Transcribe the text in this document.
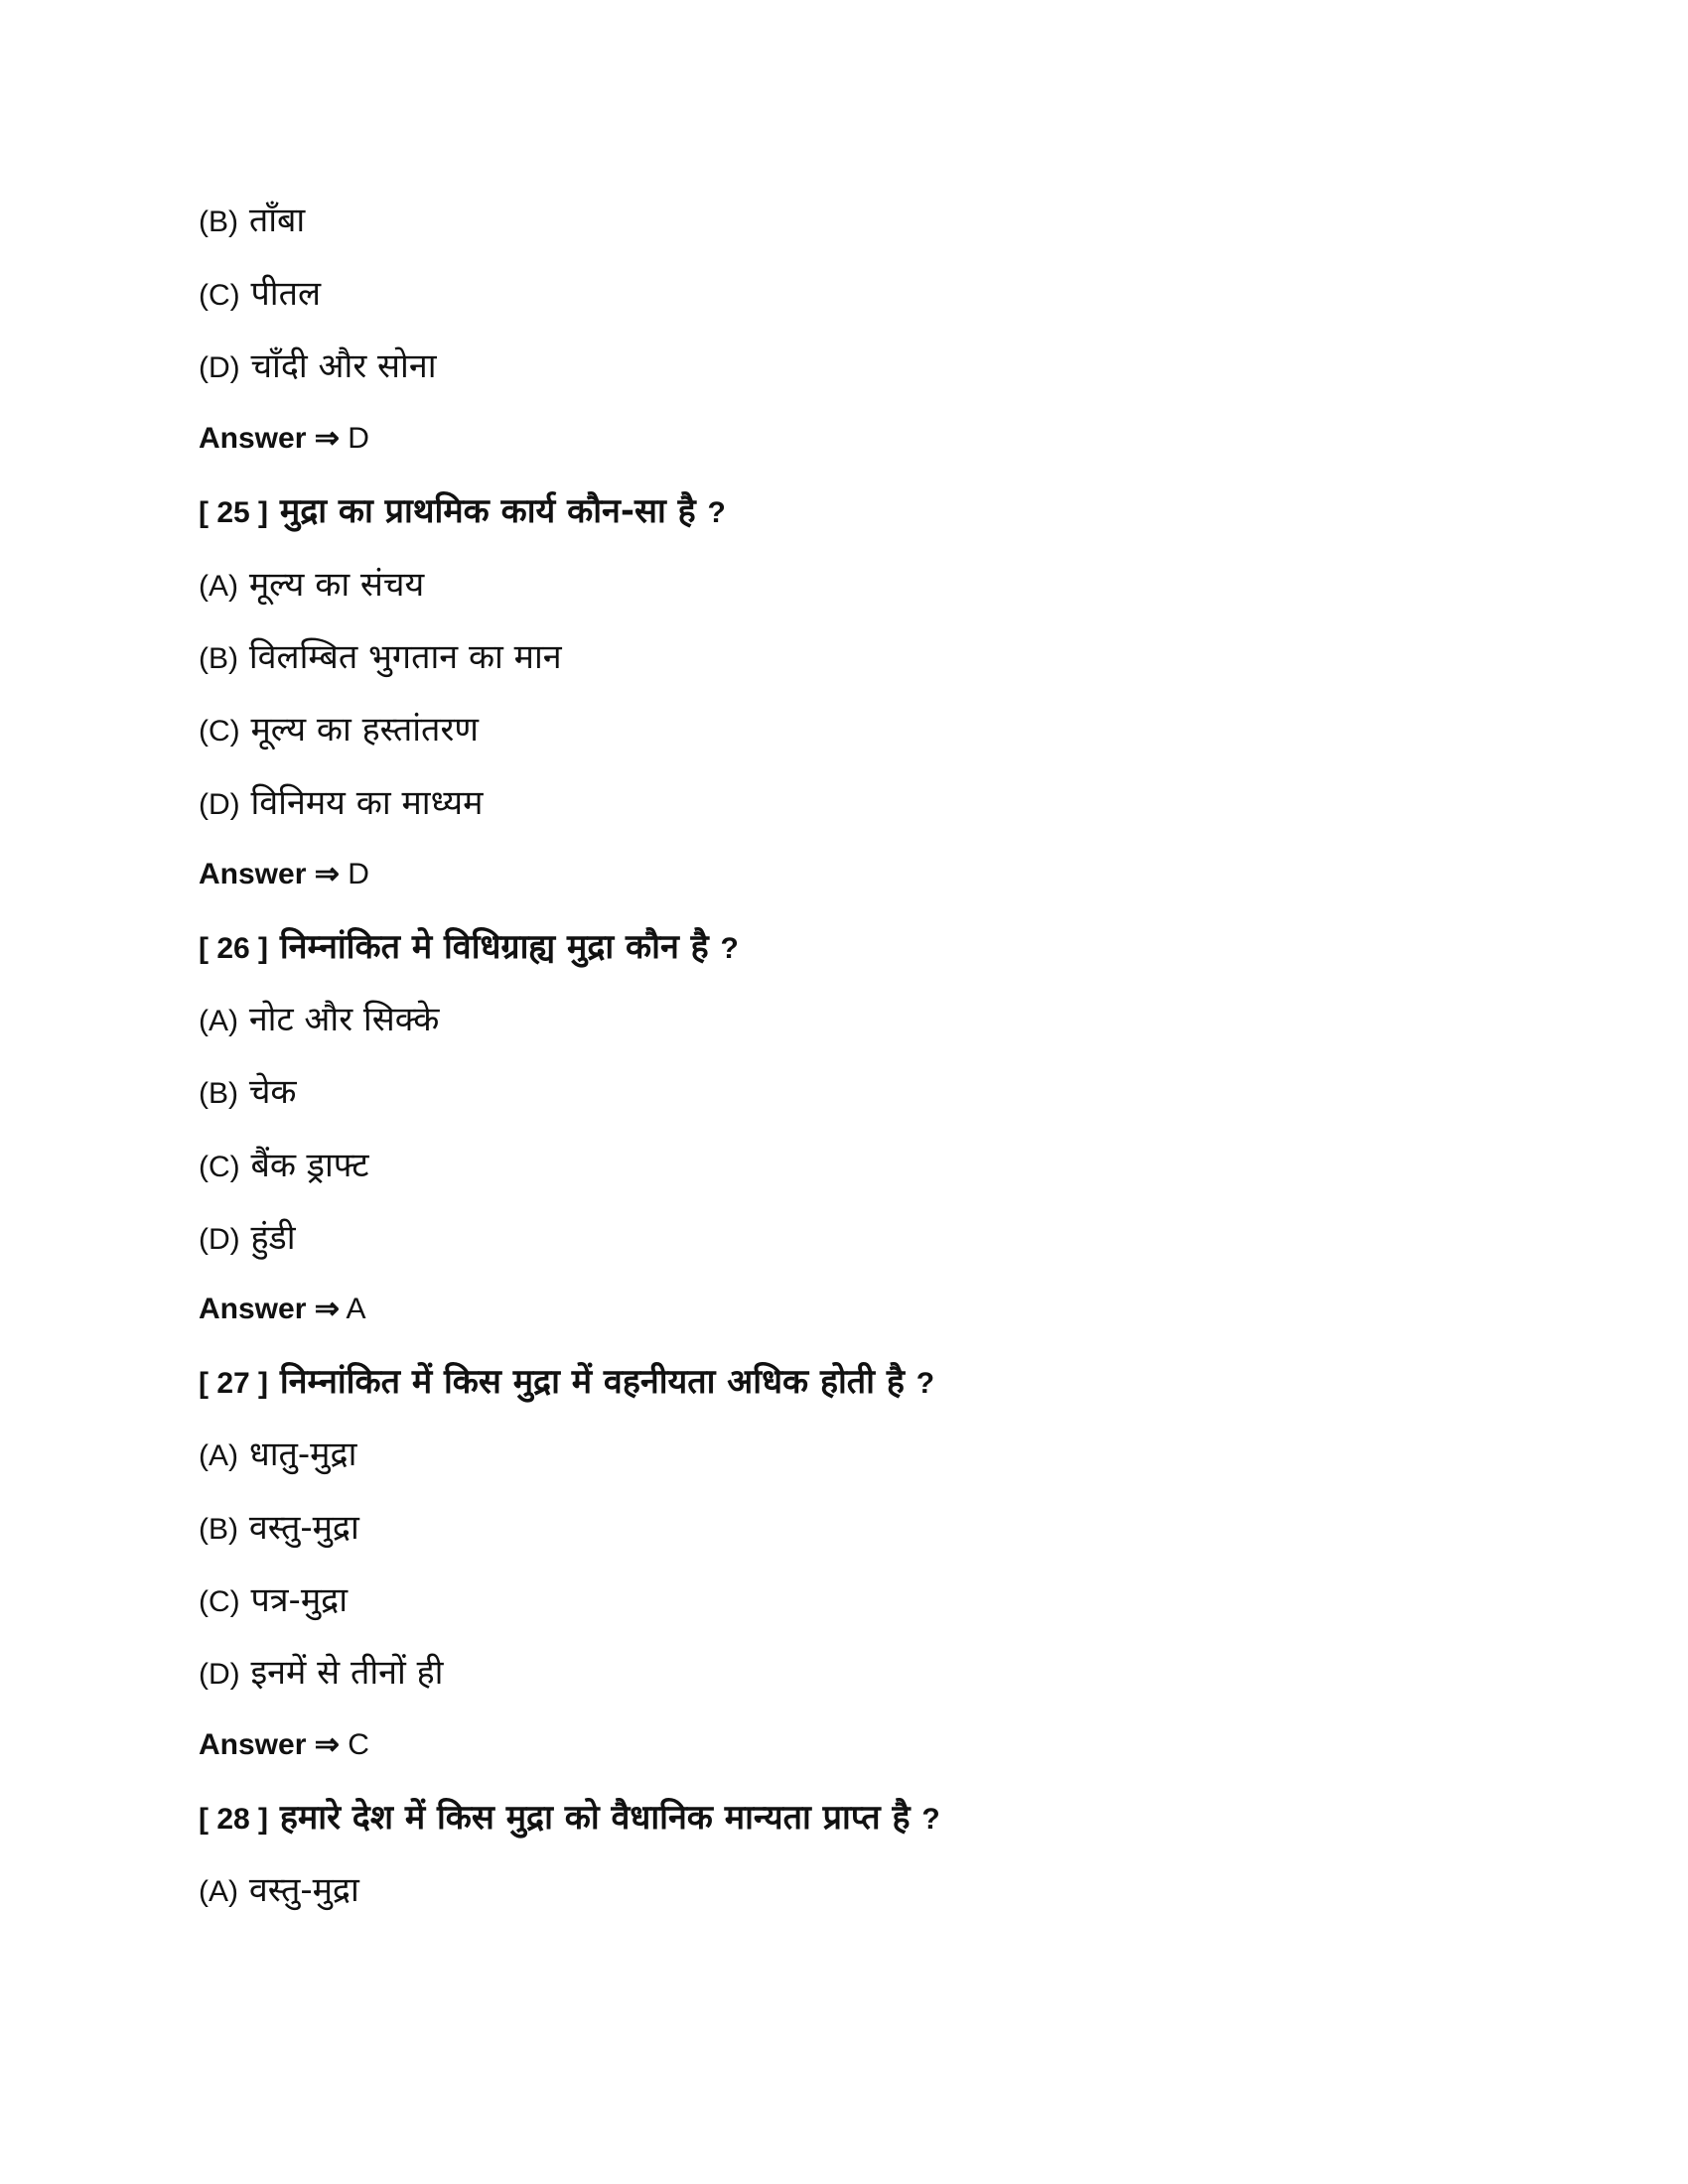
(B) ताँबा
(C) पीतल
(D) चाँदी और सोना
Answer ⇒ D
[ 25 ] मुद्रा का प्राथमिक कार्य कौन-सा है ?
(A) मूल्य का संचय
(B) विलम्बित भुगतान का मान
(C) मूल्य का हस्तांतरण
(D) विनिमय का माध्यम
Answer ⇒ D
[ 26 ] निम्नांकित मे विधिग्राह्य मुद्रा कौन है ?
(A) नोट और सिक्के
(B) चेक
(C) बैंक ड्राफ्ट
(D) हुंडी
Answer ⇒ A
[ 27 ] निम्नांकित में किस मुद्रा में वहनीयता अधिक होती है ?
(A) धातु-मुद्रा
(B) वस्तु-मुद्रा
(C) पत्र-मुद्रा
(D) इनमें से तीनों ही
Answer ⇒ C
[ 28 ] हमारे देश में किस मुद्रा को वैधानिक मान्यता प्राप्त है ?
(A) वस्तु-मुद्रा
